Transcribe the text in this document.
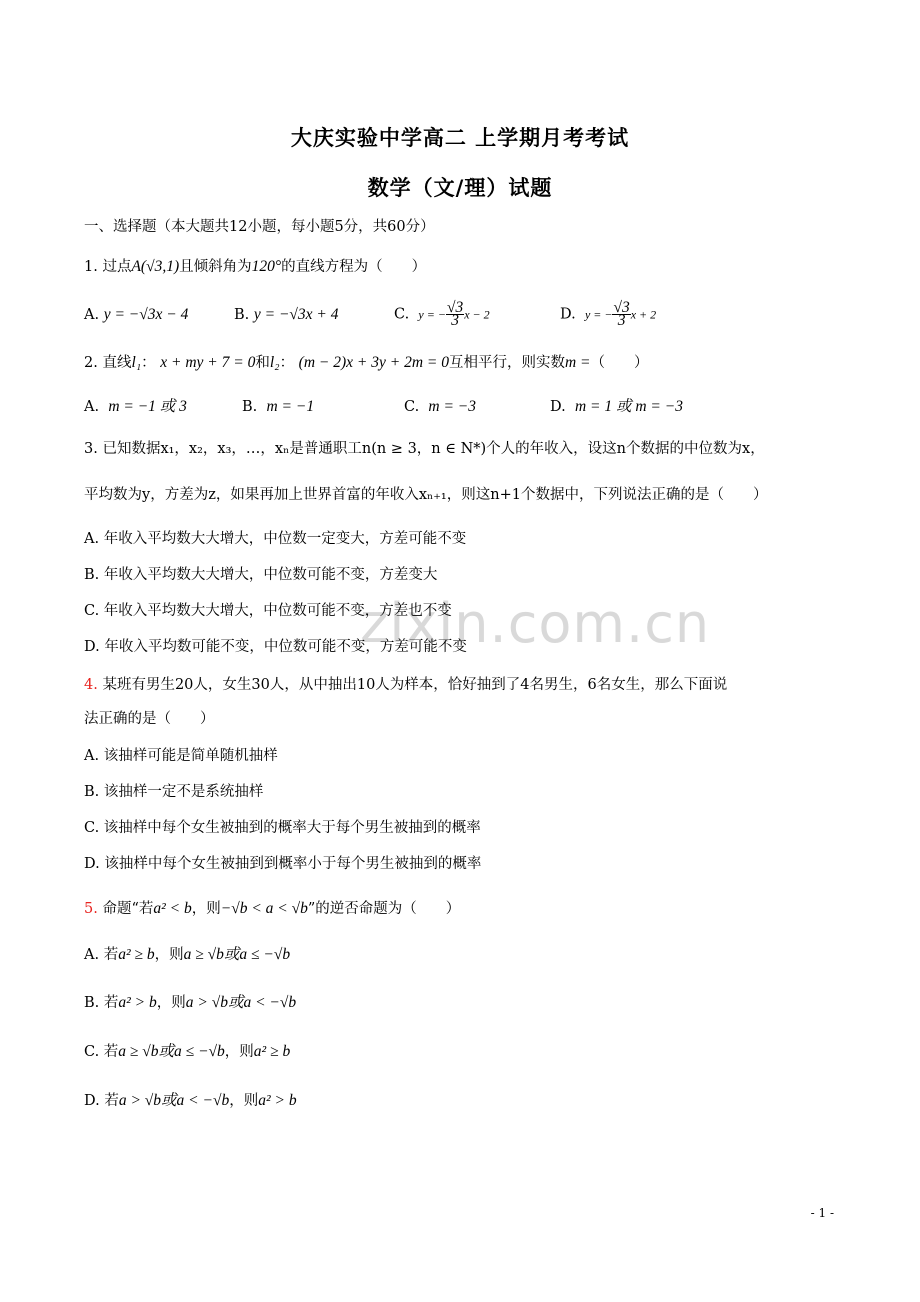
zixin.com.cn
大庆实验中学高二 上学期月考考试
数学（文/理）试题
一、选择题（本大题共12小题，每小题5分，共60分）
1. 过点A(√3,1)且倾斜角为120°的直线方程为（　　）
A. y = −√3x − 4	B. y = −√3x + 4	C. y = − $\frac{√3}{3}$ x − 2	D. y = − $\frac{√3}{3}$ x + 2
2. 直线l₁： x + my + 7 = 0和l₂： (m − 2)x + 3y + 2m = 0互相平行，则实数m =（　　）
A. m = −1 或 3	B. m = −1	C. m = −3	D. m = 1 或 m = −3
3. 已知数据x₁，x₂，x₃，…，xₙ是普通职工n(n ≥ 3，n ∈ N*)个人的年收入，设这n个数据的中位数为x，
平均数为y，方差为z，如果再加上世界首富的年收入xₙ₊₁，则这n+1个数据中，下列说法正确的是（　　）
A. 年收入平均数大大增大，中位数一定变大，方差可能不变
B. 年收入平均数大大增大，中位数可能不变，方差变大
C. 年收入平均数大大增大，中位数可能不变，方差也不变
D. 年收入平均数可能不变，中位数可能不变，方差可能不变
4. 某班有男生20人，女生30人，从中抽出10人为样本，恰好抽到了4名男生，6名女生，那么下面说
法正确的是（　　）
A. 该抽样可能是简单随机抽样
B. 该抽样一定不是系统抽样
C. 该抽样中每个女生被抽到的概率大于每个男生被抽到的概率
D. 该抽样中每个女生被抽到到概率小于每个男生被抽到的概率
5. 命题“若a² < b，则−√b < a < √b”的逆否命题为（　　）
A. 若a² ≥ b，则a ≥ √b或a ≤ −√b
B. 若a² > b，则a > √b或a < −√b
C. 若a ≥ √b或a ≤ −√b，则a² ≥ b
D. 若a > √b或a < −√b，则a² > b
- 1 -
